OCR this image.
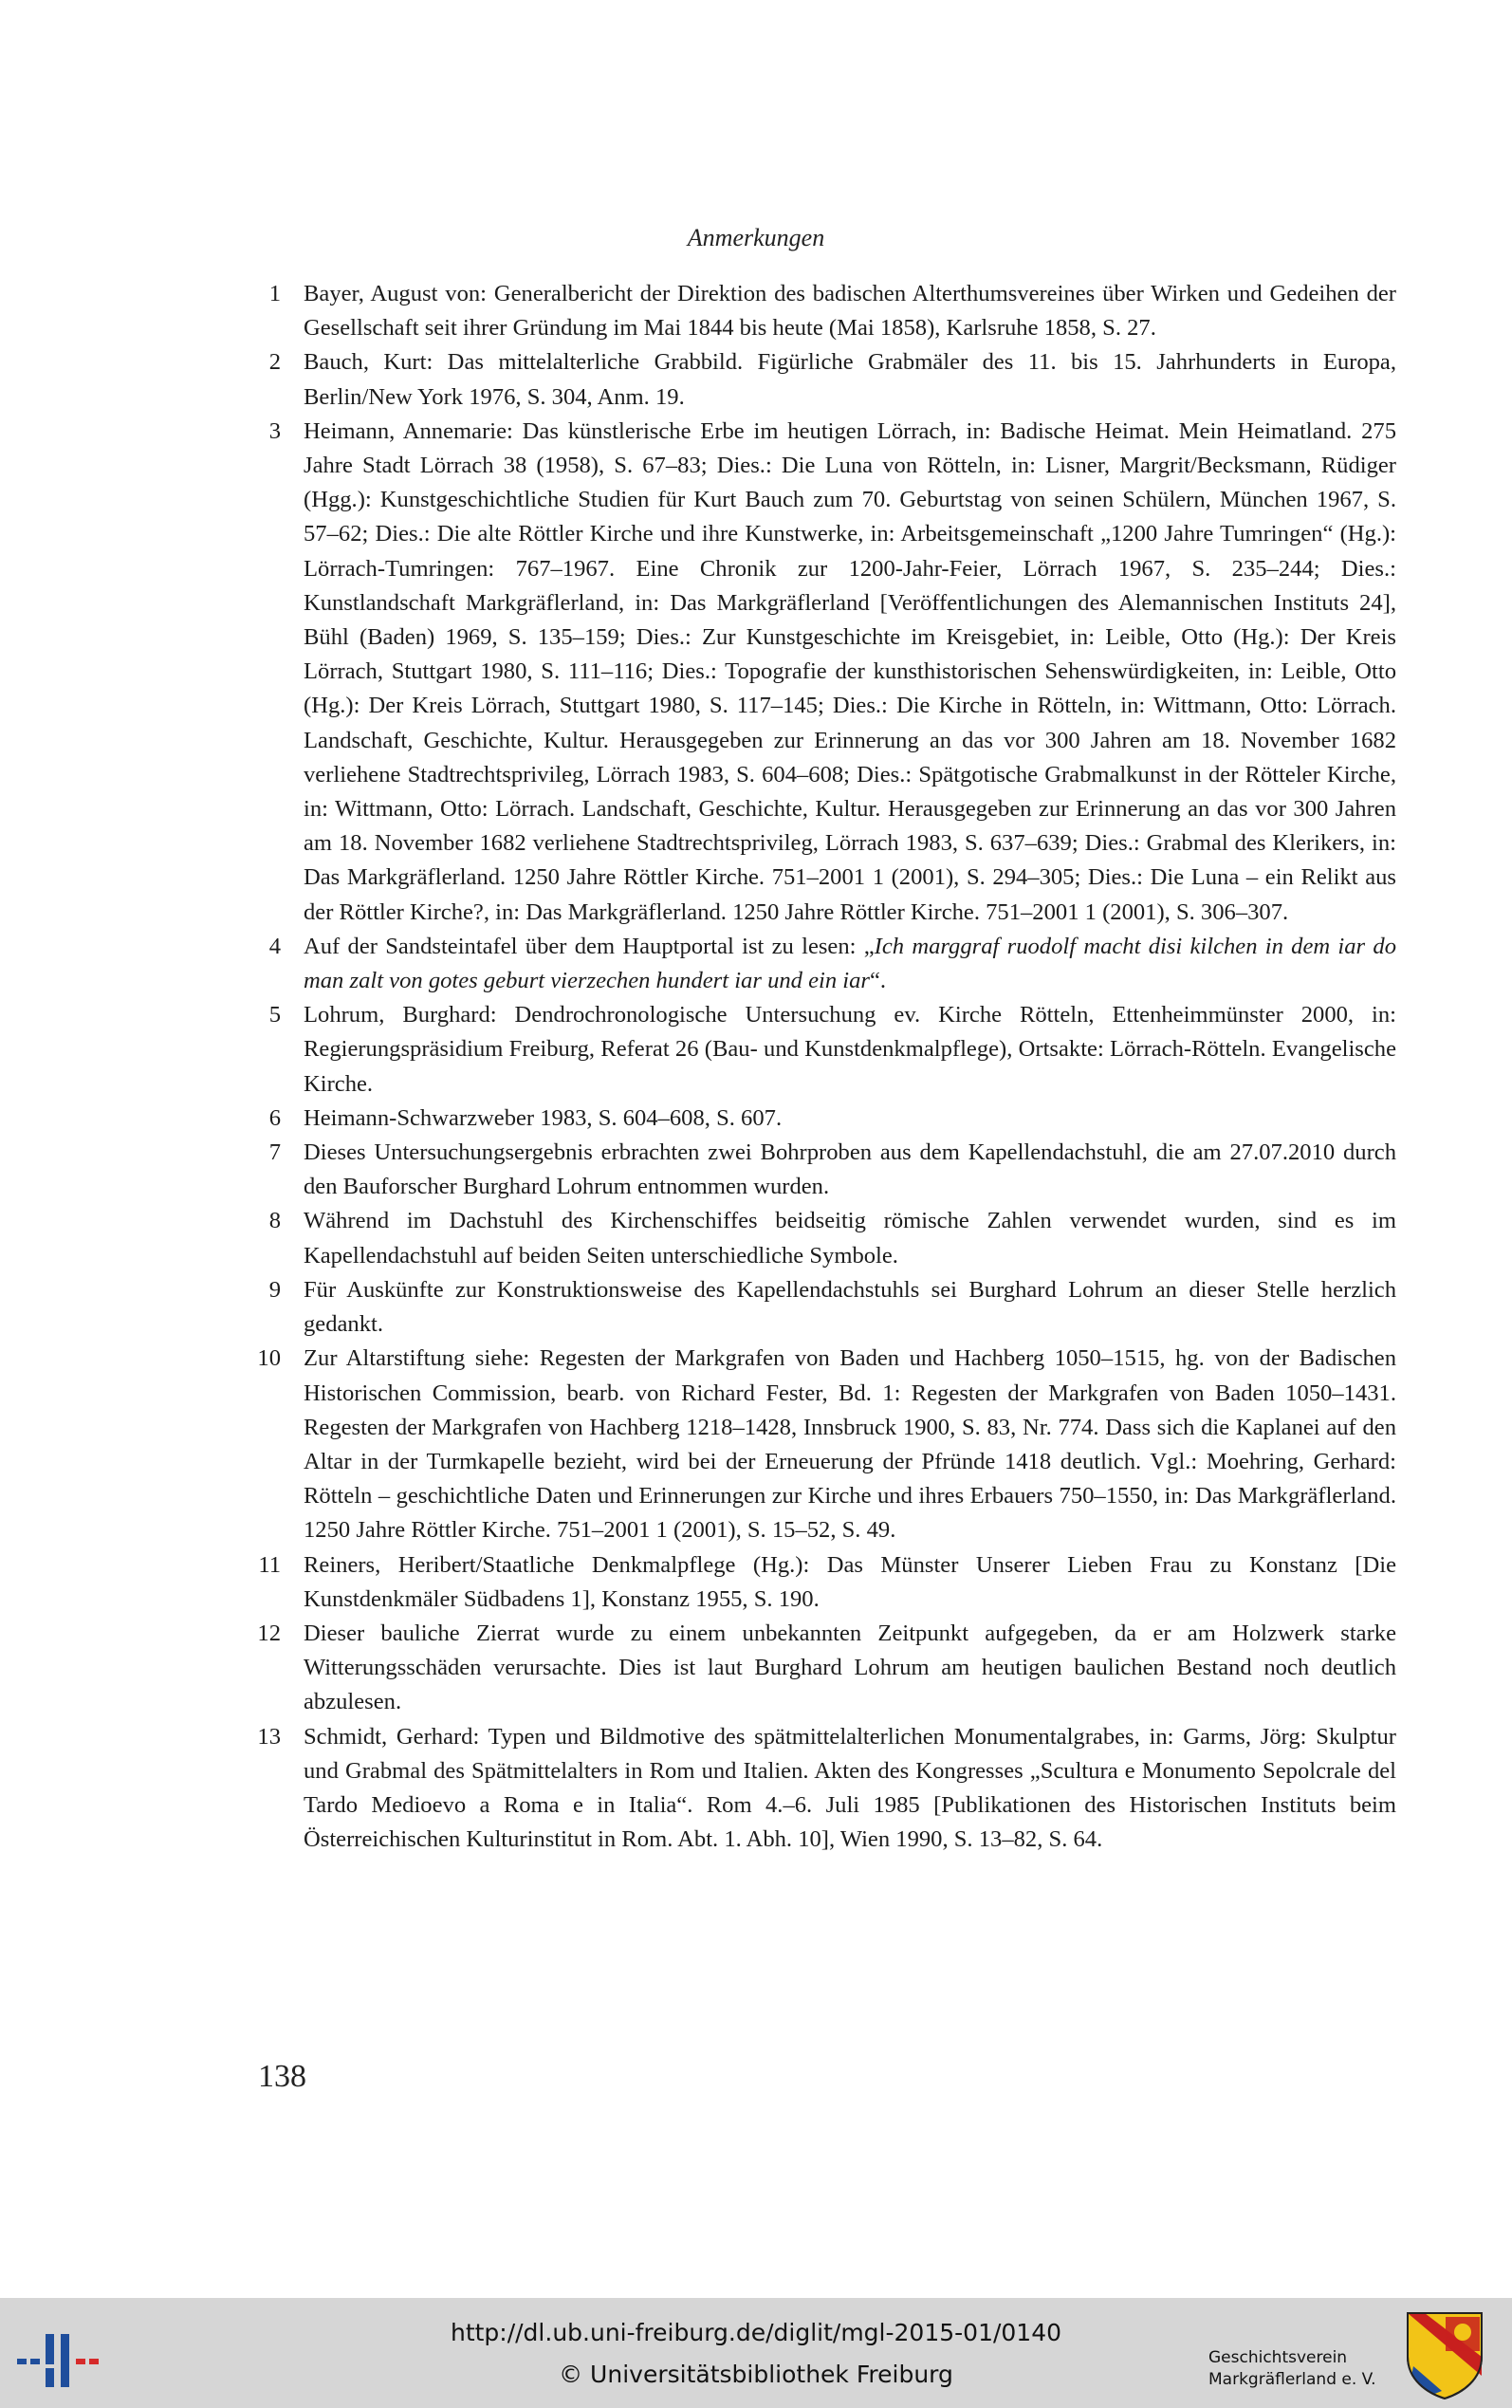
Anmerkungen
1 Bayer, August von: Generalbericht der Direktion des badischen Alterthumsvereines über Wirken und Gedeihen der Gesellschaft seit ihrer Gründung im Mai 1844 bis heute (Mai 1858), Karlsruhe 1858, S. 27.
2 Bauch, Kurt: Das mittelalterliche Grabbild. Figürliche Grabmäler des 11. bis 15. Jahrhunderts in Europa, Berlin/New York 1976, S. 304, Anm. 19.
3 Heimann, Annemarie: Das künstlerische Erbe im heutigen Lörrach, in: Badische Heimat. Mein Heimatland. 275 Jahre Stadt Lörrach 38 (1958), S. 67–83; Dies.: Die Luna von Rötteln, in: Lisner, Margrit/Becksmann, Rüdiger (Hgg.): Kunstgeschichtliche Studien für Kurt Bauch zum 70. Geburtstag von seinen Schülern, München 1967, S. 57–62; Dies.: Die alte Röttler Kirche und ihre Kunstwerke, in: Arbeitsgemeinschaft „1200 Jahre Tumringen“ (Hg.): Lörrach-Tumringen: 767–1967. Eine Chronik zur 1200-Jahr-Feier, Lörrach 1967, S. 235–244; Dies.: Kunstlandschaft Markgräflerland, in: Das Markgräflerland [Veröffentlichungen des Alemannischen Instituts 24], Bühl (Baden) 1969, S. 135–159; Dies.: Zur Kunstgeschichte im Kreisgebiet, in: Leible, Otto (Hg.): Der Kreis Lörrach, Stuttgart 1980, S. 111–116; Dies.: Topografie der kunsthistorischen Sehenswürdigkeiten, in: Leible, Otto (Hg.): Der Kreis Lörrach, Stuttgart 1980, S. 117–145; Dies.: Die Kirche in Rötteln, in: Wittmann, Otto: Lörrach. Landschaft, Geschichte, Kultur. Herausgegeben zur Erinnerung an das vor 300 Jahren am 18. November 1682 verliehene Stadtrechtsprivileg, Lörrach 1983, S. 604–608; Dies.: Spätgotische Grabmalkunst in der Rötteler Kirche, in: Wittmann, Otto: Lörrach. Landschaft, Geschichte, Kultur. Herausgegeben zur Erinnerung an das vor 300 Jahren am 18. November 1682 verliehene Stadtrechtsprivileg, Lörrach 1983, S. 637–639; Dies.: Grabmal des Klerikers, in: Das Markgräflerland. 1250 Jahre Röttler Kirche. 751–2001 1 (2001), S. 294–305; Dies.: Die Luna – ein Relikt aus der Röttler Kirche?, in: Das Markgräflerland. 1250 Jahre Röttler Kirche. 751–2001 1 (2001), S. 306–307.
4 Auf der Sandsteintafel über dem Hauptportal ist zu lesen: „Ich marggraf ruodolf macht disi kilchen in dem iar do man zalt von gotes geburt vierzechen hundert iar und ein iar“.
5 Lohrum, Burghard: Dendrochronologische Untersuchung ev. Kirche Rötteln, Ettenheimmünster 2000, in: Regierungspräsidium Freiburg, Referat 26 (Bau- und Kunstdenkmalpflege), Ortsakte: Lörrach-Rötteln. Evangelische Kirche.
6 Heimann-Schwarzweber 1983, S. 604–608, S. 607.
7 Dieses Untersuchungsergebnis erbrachten zwei Bohrproben aus dem Kapellendachstuhl, die am 27.07.2010 durch den Bauforscher Burghard Lohrum entnommen wurden.
8 Während im Dachstuhl des Kirchenschiffes beidseitig römische Zahlen verwendet wurden, sind es im Kapellendachstuhl auf beiden Seiten unterschiedliche Symbole.
9 Für Auskünfte zur Konstruktionsweise des Kapellendachstuhls sei Burghard Lohrum an dieser Stelle herzlich gedankt.
10 Zur Altarstiftung siehe: Regesten der Markgrafen von Baden und Hachberg 1050–1515, hg. von der Badischen Historischen Commission, bearb. von Richard Fester, Bd. 1: Regesten der Markgrafen von Baden 1050–1431. Regesten der Markgrafen von Hachberg 1218–1428, Innsbruck 1900, S. 83, Nr. 774. Dass sich die Kaplanei auf den Altar in der Turmkapelle bezieht, wird bei der Erneuerung der Pfründe 1418 deutlich. Vgl.: Moehring, Gerhard: Rötteln – geschichtliche Daten und Erinnerungen zur Kirche und ihres Erbauers 750–1550, in: Das Markgräflerland. 1250 Jahre Röttler Kirche. 751–2001 1 (2001), S. 15–52, S. 49.
11 Reiners, Heribert/Staatliche Denkmalpflege (Hg.): Das Münster Unserer Lieben Frau zu Konstanz [Die Kunstdenkmäler Südbadens 1], Konstanz 1955, S. 190.
12 Dieser bauliche Zierrat wurde zu einem unbekannten Zeitpunkt aufgegeben, da er am Holzwerk starke Witterungsschäden verursachte. Dies ist laut Burghard Lohrum am heutigen baulichen Bestand noch deutlich abzulesen.
13 Schmidt, Gerhard: Typen und Bildmotive des spätmittelalterlichen Monumentalgrabes, in: Garms, Jörg: Skulptur und Grabmal des Spätmittelalters in Rom und Italien. Akten des Kongresses „Scultura e Monumento Sepolcrale del Tardo Medioevo a Roma e in Italia“. Rom 4.–6. Juli 1985 [Publikationen des Historischen Instituts beim Österreichischen Kulturinstitut in Rom. Abt. 1. Abh. 10], Wien 1990, S. 13–82, S. 64.
138
http://dl.ub.uni-freiburg.de/diglit/mgl-2015-01/0140
© Universitätsbibliothek Freiburg
Geschichtsverein
Markgräflerland e. V.
